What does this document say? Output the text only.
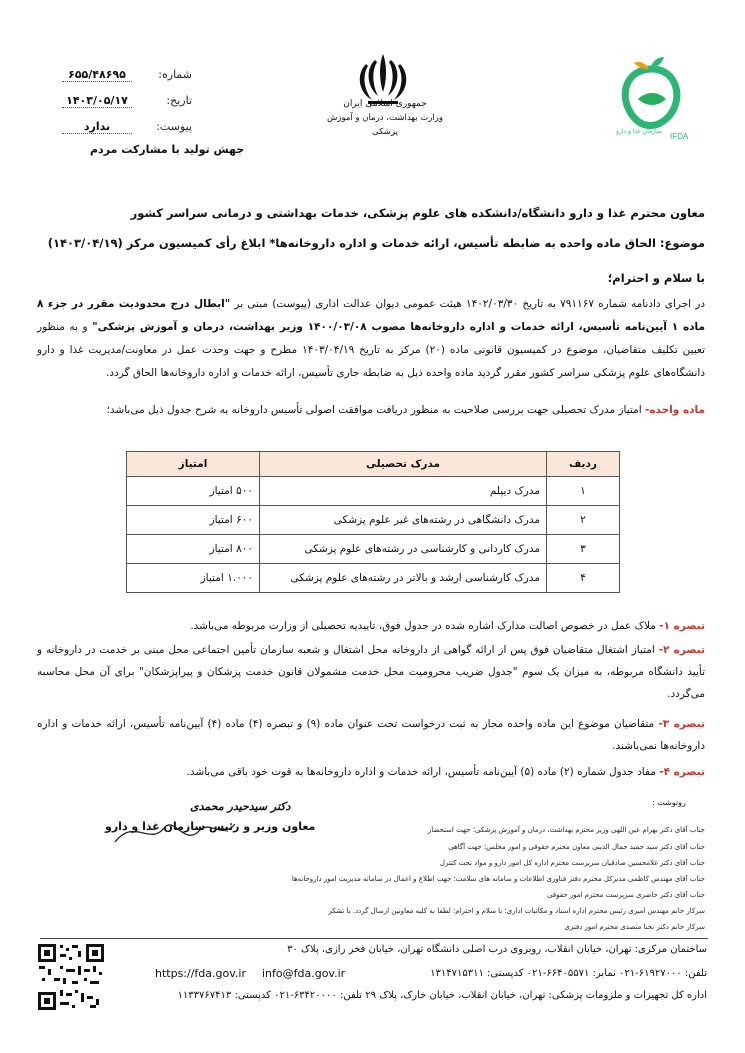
شماره:
۶۵۵/۴۸۶۹۵
تاریخ:
۱۴۰۳/۰۵/۱۷
پیوست:
ندارد
جهش تولید با مشارکت مردم
جمهوری اسلامی ایران
وزارت بهداشت، درمان و آموزش پزشکی	IFDA
سازمان غذا و دارو
معاون محترم غذا و دارو دانشگاه/دانشکده های علوم پزشکی، خدمات بهداشتی و درمانی سراسر کشور
موضوع: الحاق ماده واحده به ضابطه تأسیس، ارائه خدمات و اداره داروخانه‌ها* ابلاغ رأی کمیسیون مرکز (۱۴۰۳/۰۴/۱۹)
با سلام و احترام؛
در اجرای دادنامه شماره ۷۹۱۱۶۷ به تاریخ ۱۴۰۲/۰۳/۳۰ هیئت عمومی دیوان عدالت اداری (پیوست) مبنی بر "ابطال درج محدودیت مقرر در جزء ۸ ماده ۱ آیین‌نامه تأسیس، ارائه خدمات و اداره داروخانه‌ها مصوب ۱۴۰۰/۰۳/۰۸ وزیر بهداشت، درمان و آموزش پزشکی" و به منظور تعیین تکلیف متقاضیان، موضوع در کمیسیون قانونی ماده (۲۰) مرکز به تاریخ ۱۴۰۳/۰۴/۱۹ مطرح و جهت وحدت عمل در معاونت/مدیریت غذا و دارو دانشگاه‌های علوم پزشکی سراسر کشور مقرر گردید ماده واحده ذیل به ضابطه جاری تأسیس، ارائه خدمات و اداره داروخانه‌ها الحاق گردد.
ماده واحده- امتیاز مدرک تحصیلی جهت بررسی صلاحیت به منظور دریافت موافقت اصولی تأسیس داروخانه به شرح جدول ذیل می‌باشد؛
ردیف	مدرک تحصیلی	امتیاز
۱	مدرک دیپلم	۵۰۰ امتیاز
۲	مدرک دانشگاهی در رشته‌های غیر علوم پزشکی	۶۰۰ امتیاز
۳	مدرک کاردانی و کارشناسی در رشته‌های علوم پزشکی	۸۰۰ امتیاز
۴	مدرک کارشناسی ارشد و بالاتر در رشته‌های علوم پزشکی	۱.۰۰۰ امتیاز
تبصره ۱- ملاک عمل در خصوص اصالت مدارک اشاره شده در جدول فوق، تاییدیه تحصیلی از وزارت مربوطه می‌باشد.
تبصره ۲- امتیاز اشتغال متقاضیان فوق پس از ارائه گواهی از داروخانه محل اشتغال و شعبه سازمان تأمین اجتماعی محل مبنی بر خدمت در داروخانه و تأیید دانشگاه مربوطه، به میزان یک سوم "جدول ضریب محرومیت محل خدمت مشمولان قانون خدمت پزشکان و پیراپزشکان" برای آن محل محاسبه می‌گردد.
تبصره ۳- متقاضیان موضوع این ماده واحده مجاز به ثبت درخواست تحت عنوان ماده (۹) و تبصره (۴) ماده (۴) آیین‌نامه تأسیس، ارائه خدمات و اداره داروخانه‌ها نمی‌باشند.
تبصره ۴- مفاد جدول شماره (۲) ماده (۵) آیین‌نامه تأسیس، ارائه خدمات و اداره داروخانه‌ها به قوت خود باقی می‌باشد.
دکتر سیدحیدر محمدی
معاون وزیر و رئیس سازمان غذا و دارو
رونوشت :
جناب آقای دکتر بهرام عین اللهی وزیر محترم بهداشت، درمان و آموزش پزشکی؛ جهت استحضار
جناب آقای دکتر سید حمید جمال الدینی معاون محترم حقوقی و امور مجلس؛ جهت آگاهی
جناب آقای دکتر غلامحسین صادقیان سرپرست محترم اداره کل امور دارو و مواد تحت کنترل
جناب آقای مهندس کاظمی مدیرکل محترم دفتر فناوری اطلاعات و سامانه های سلامت؛ جهت اطلاع و اعمال در سامانه مدیریت امور داروخانه‌ها
جناب آقای دکتر حاضری سرپرست محترم امور حقوقی
سرکار خانم مهندس امیری رئیس محترم اداره اسناد و مکاتبات اداری؛ با سلام و احترام؛ لطفا به کلیه معاونین ارسال گردد. با تشکر
سرکار خانم دکتر نخنا متصدی محترم امور دفتری
ساختمان مرکزی: تهران، خیابان انقلاب، روبروی درب اصلی دانشگاه تهران، خیابان فخر رازی، پلاک ۳۰
تلفن: ۶۱۹۲۷۰۰۰-۰۲۱ نمابر: ۶۶۴۰۵۵۷۱-۰۲۱ کدپستی: ۱۳۱۴۷۱۵۳۱۱
اداره کل تجهیزات و ملزومات پزشکی: تهران، خیابان انقلاب، خیابان خارک، پلاک ۲۹ تلفن: ۶۳۴۲۰۰۰۰-۰۲۱ کدپستی: ۱۱۳۳۷۶۷۴۱۳
https://fda.gov.ir info@fda.gov.ir
